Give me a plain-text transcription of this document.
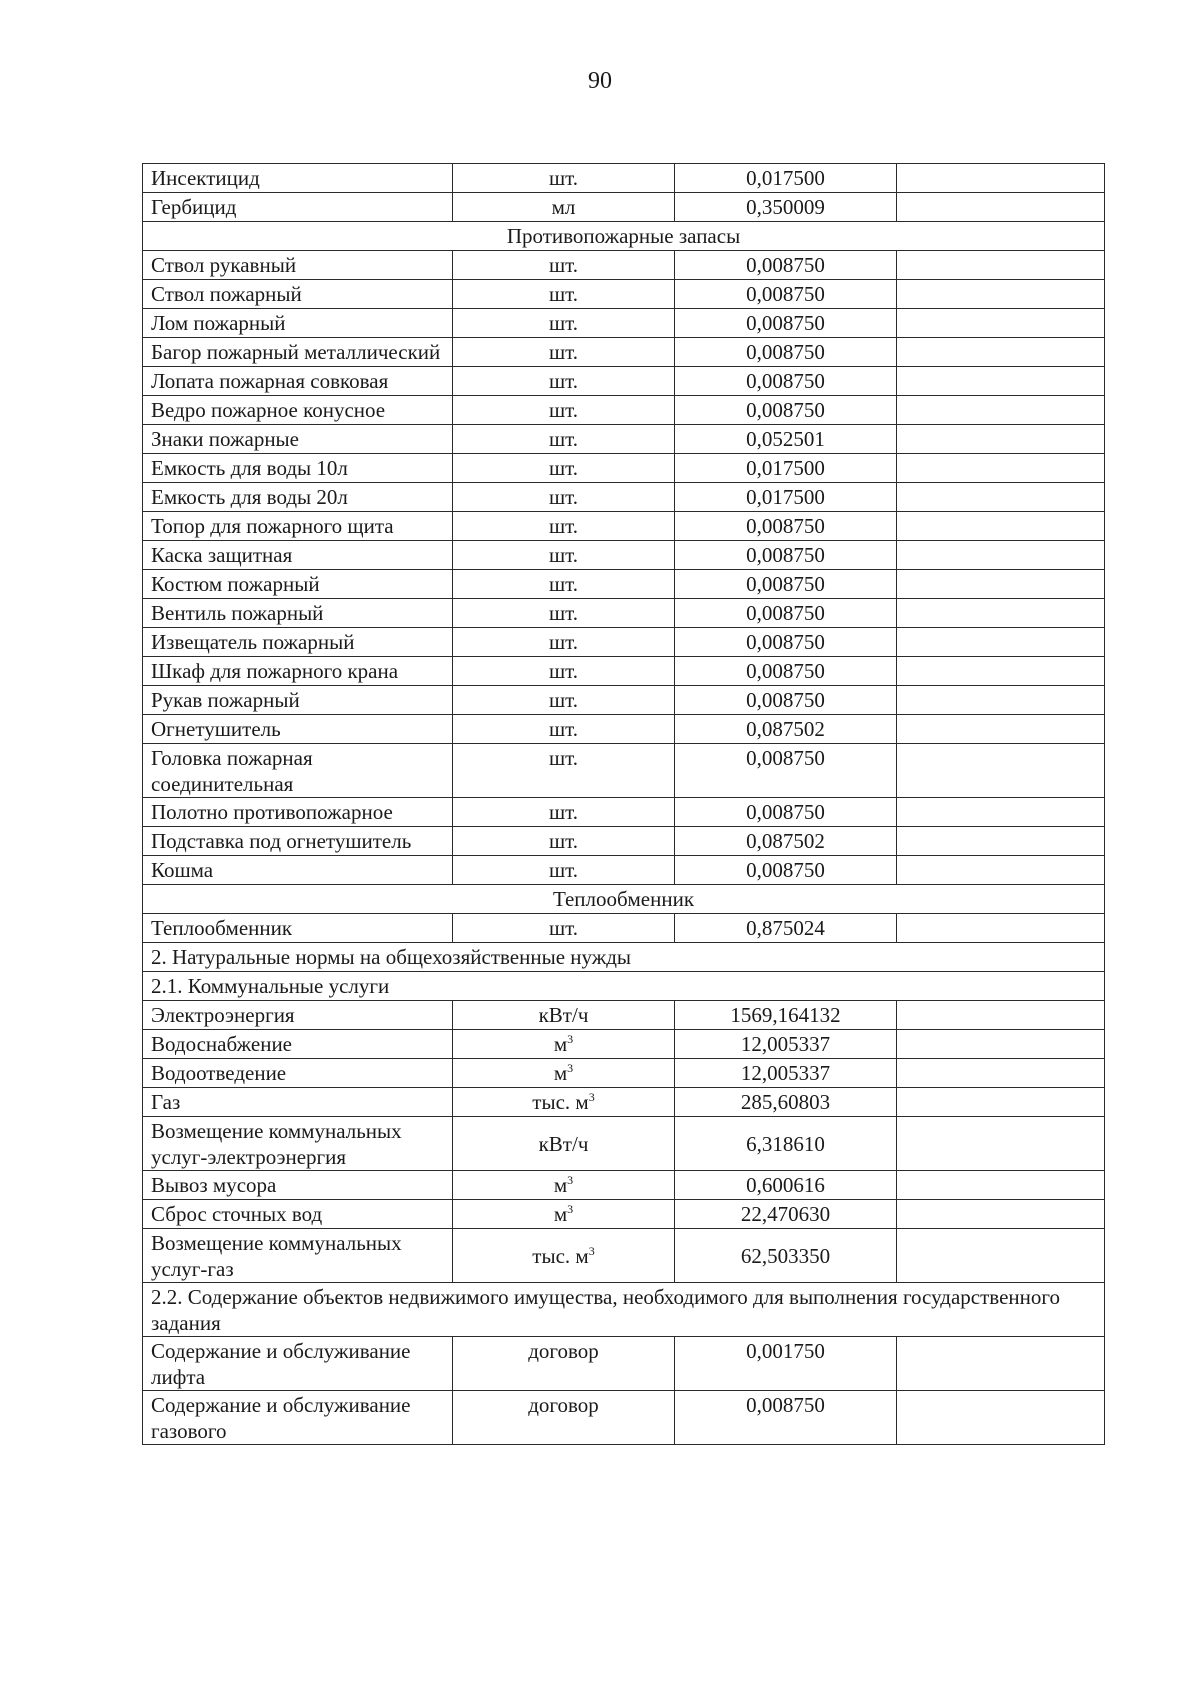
90
Инсектицид	шт.	0,017500	
Гербицид	мл	0,350009	
Противопожарные запасы			
Ствол рукавный	шт.	0,008750	
Ствол пожарный	шт.	0,008750	
Лом пожарный	шт.	0,008750	
Багор пожарный металлический	шт.	0,008750	
Лопата пожарная совковая	шт.	0,008750	
Ведро пожарное конусное	шт.	0,008750	
Знаки пожарные	шт.	0,052501	
Емкость для воды 10л	шт.	0,017500	
Емкость для воды 20л	шт.	0,017500	
Топор для пожарного щита	шт.	0,008750	
Каска защитная	шт.	0,008750	
Костюм пожарный	шт.	0,008750	
Вентиль пожарный	шт.	0,008750	
Извещатель пожарный	шт.	0,008750	
Шкаф для пожарного крана	шт.	0,008750	
Рукав пожарный	шт.	0,008750	
Огнетушитель	шт.	0,087502	
Головка пожарная соединительная	шт.	0,008750	
Полотно противопожарное	шт.	0,008750	
Подставка под огнетушитель	шт.	0,087502	
Кошма	шт.	0,008750	
Теплообменник			
Теплообменник	шт.	0,875024	
2. Натуральные нормы на общехозяйственные нужды			
2.1. Коммунальные услуги			
Электроэнергия	кВт/ч	1569,164132	
Водоснабжение	$м^3$	12,005337	
Водоотведение	$м^3$	12,005337	
Газ	тыс. $м^3$	285,60803	
Возмещение коммунальных услуг-электроэнергия	кВт/ч	6,318610	
Вывоз мусора	$м^3$	0,600616	
Сброс сточных вод	$м^3$	22,470630	
Возмещение коммунальных услуг-газ	тыс. $м^3$	62,503350	
2.2. Содержание объектов недвижимого имущества, необходимого для выполнения государственного задания			
Содержание и обслуживание лифта	договор	0,001750	
Содержание и обслуживание газового	договор	0,008750	
